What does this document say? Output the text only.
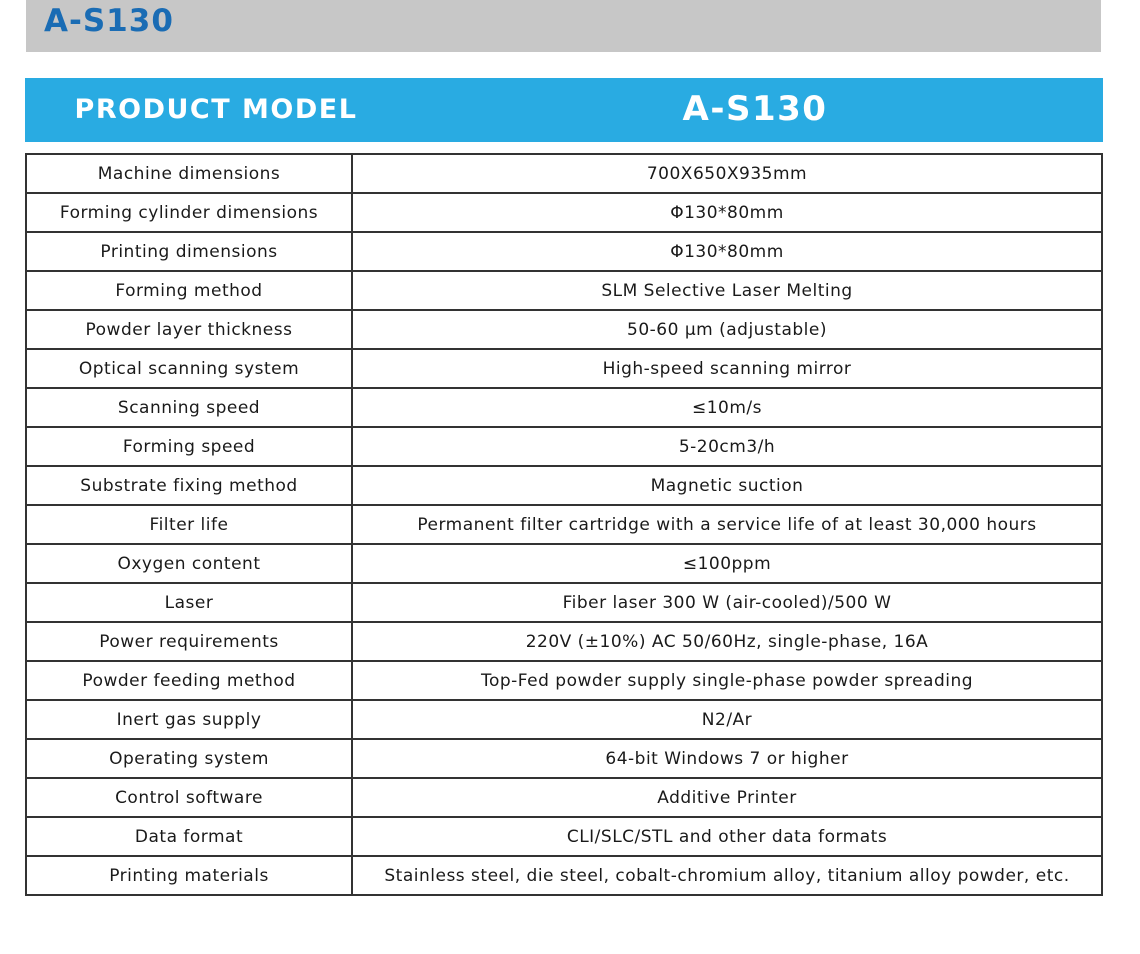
A-S130
PRODUCT MODEL	A-S130
Machine dimensions	700X650X935mm
Forming cylinder dimensions	Φ130*80mm
Printing dimensions	Φ130*80mm
Forming method	SLM Selective Laser Melting
Powder layer thickness	50-60 μm (adjustable)
Optical scanning system	High-speed scanning mirror
Scanning speed	≤10m/s
Forming speed	5-20cm3/h
Substrate fixing method	Magnetic suction
Filter life	Permanent filter cartridge with a service life of at least 30,000 hours
Oxygen content	≤100ppm
Laser	Fiber laser 300 W (air-cooled)/500 W
Power requirements	220V (±10%) AC 50/60Hz, single-phase, 16A
Powder feeding method	Top-Fed powder supply single-phase powder spreading
Inert gas supply	N2/Ar
Operating system	64-bit Windows 7 or higher
Control software	Additive Printer
Data format	CLI/SLC/STL and other data formats
Printing materials	Stainless steel, die steel, cobalt-chromium alloy, titanium alloy powder, etc.
